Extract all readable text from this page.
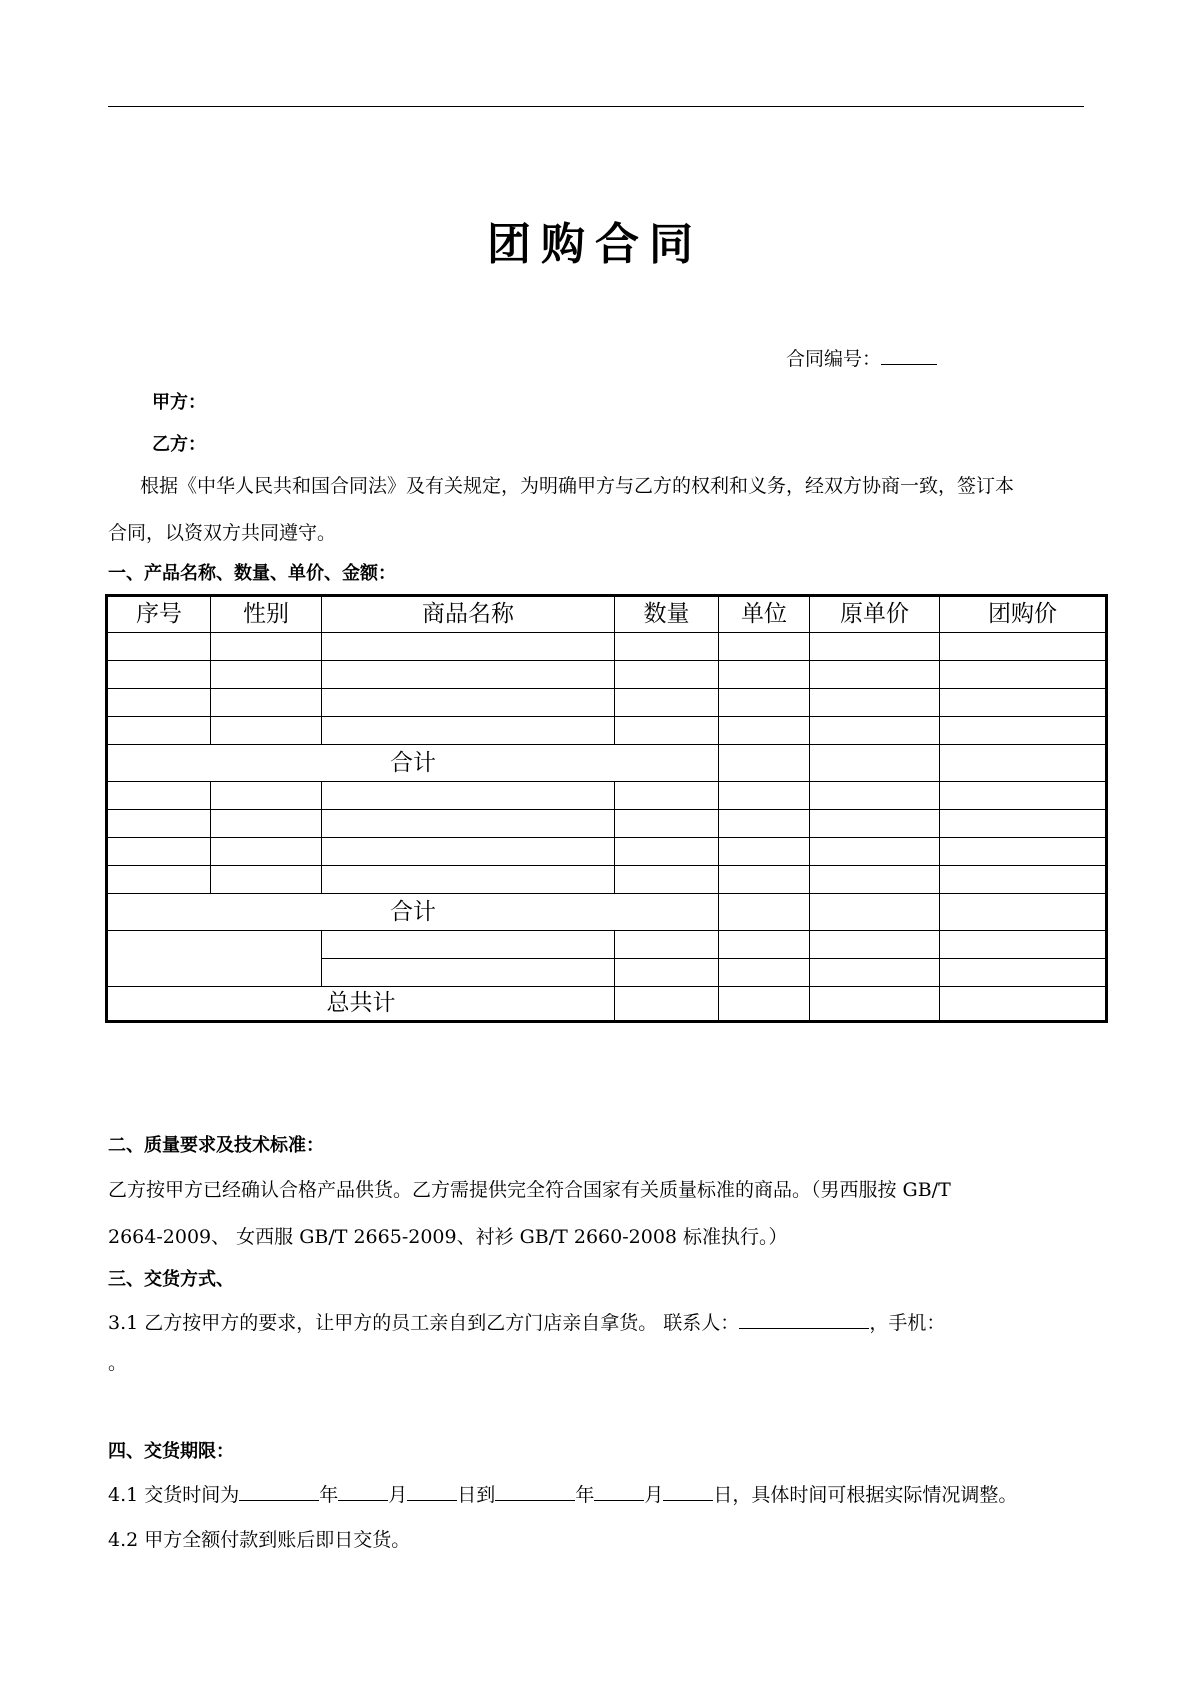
团购合同
合同编号：
甲方：
乙方：
根据《中华人民共和国合同法》及有关规定，为明确甲方与乙方的权利和义务，经双方协商一致，签订本
合同，以资双方共同遵守。
一、产品名称、数量、单价、金额：
序号	性别	商品名称	数量	单位	原单价	团购价

合计						

合计						

总共计						
二、质量要求及技术标准：
乙方按甲方已经确认合格产品供货。乙方需提供完全符合国家有关质量标准的商品。（男西服按 GB/T
2664-2009、 女西服 GB/T 2665-2009、衬衫 GB/T 2660-2008 标准执行。）
三、交货方式、
3.1 乙方按甲方的要求，让甲方的员工亲自到乙方门店亲自拿货。 联系人：	，手机：
。
四、交货期限：
4.1 交货时间为	年	月	日到	年	月	日，具体时间可根据实际情况调整。
4.2 甲方全额付款到账后即日交货。
